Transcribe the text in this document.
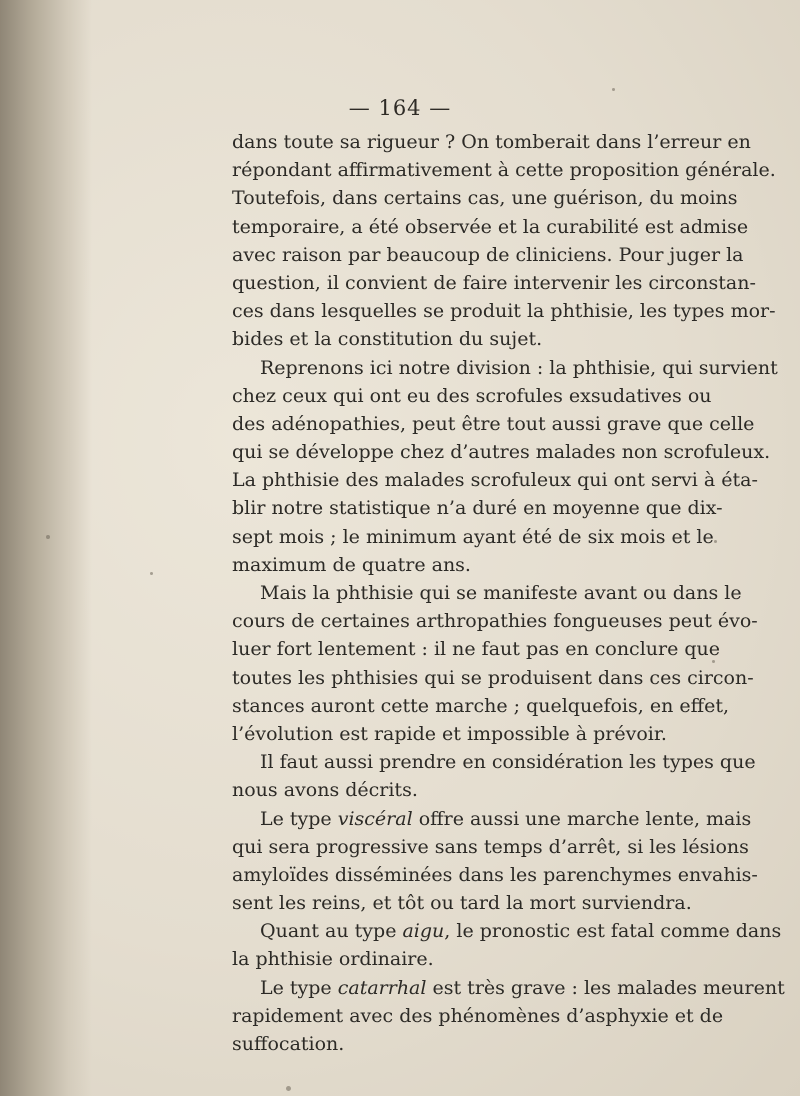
— 164 —
dans toute sa rigueur ? On tomberait dans l’erreur en
répondant affirmativement à cette proposition générale.
Toutefois, dans certains cas, une guérison, du moins
temporaire, a été observée et la curabilité est admise
avec raison par beaucoup de cliniciens. Pour juger la
question, il convient de faire intervenir les circonstan-
ces dans lesquelles se produit la phthisie, les types mor-
bides et la constitution du sujet.
Reprenons ici notre division : la phthisie, qui survient
chez ceux qui ont eu des scrofules exsudatives ou
des adénopathies, peut être tout aussi grave que celle
qui se développe chez d’autres malades non scrofuleux.
La phthisie des malades scrofuleux qui ont servi à éta-
blir notre statistique n’a duré en moyenne que dix-
sept mois ; le minimum ayant été de six mois et le
maximum de quatre ans.
Mais la phthisie qui se manifeste avant ou dans le
cours de certaines arthropathies fongueuses peut évo-
luer fort lentement : il ne faut pas en conclure que
toutes les phthisies qui se produisent dans ces circon-
stances auront cette marche ; quelquefois, en effet,
l’évolution est rapide et impossible à prévoir.
Il faut aussi prendre en considération les types que
nous avons décrits.
Le type viscéral offre aussi une marche lente, mais
qui sera progressive sans temps d’arrêt, si les lésions
amyloïdes disséminées dans les parenchymes envahis-
sent les reins, et tôt ou tard la mort surviendra.
Quant au type aigu, le pronostic est fatal comme dans
la phthisie ordinaire.
Le type catarrhal est très grave : les malades meurent
rapidement avec des phénomènes d’asphyxie et de
suffocation.
